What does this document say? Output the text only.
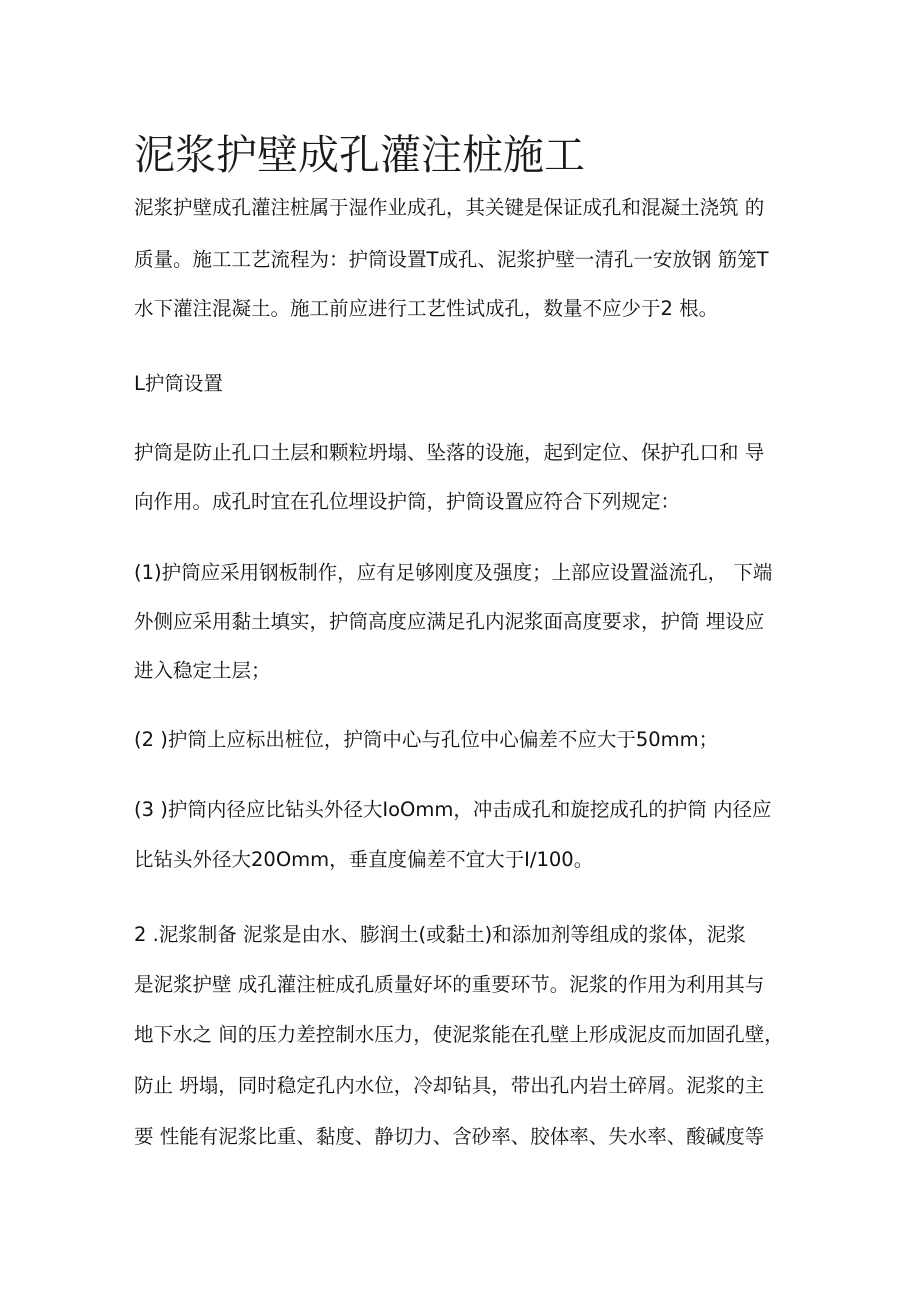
泥浆护壁成孔灌注桩施工
泥浆护壁成孔灌注桩属于湿作业成孔，其关键是保证成孔和混凝土浇筑 的
质量。施工工艺流程为：护筒设置T成孔、泥浆护壁一清孔一安放钢 筋笼T
水下灌注混凝土。施工前应进行工艺性试成孔，数量不应少于2 根。
L护筒设置
护筒是防止孔口土层和颗粒坍塌、坠落的设施，起到定位、保护孔口和 导
向作用。成孔时宜在孔位埋设护筒，护筒设置应符合下列规定：
(1)护筒应采用钢板制作，应有足够刚度及强度；上部应设置溢流孔， 下端
外侧应采用黏土填实，护筒高度应满足孔内泥浆面高度要求，护筒 埋设应
进入稳定土层；
(2 )护筒上应标出桩位，护筒中心与孔位中心偏差不应大于50mm；
(3 )护筒内径应比钻头外径大IoOmm，冲击成孔和旋挖成孔的护筒 内径应
比钻头外径大20Omm，垂直度偏差不宜大于I∕100。
2 .泥浆制备 泥浆是由水、膨润土(或黏土)和添加剂等组成的浆体，泥浆
是泥浆护壁 成孔灌注桩成孔质量好坏的重要环节。泥浆的作用为利用其与
地下水之 间的压力差控制水压力，使泥浆能在孔壁上形成泥皮而加固孔壁，
防止 坍塌，同时稳定孔内水位，冷却钻具，带出孔内岩土碎屑。泥浆的主
要 性能有泥浆比重、黏度、静切力、含砂率、胶体率、失水率、酸碱度等
